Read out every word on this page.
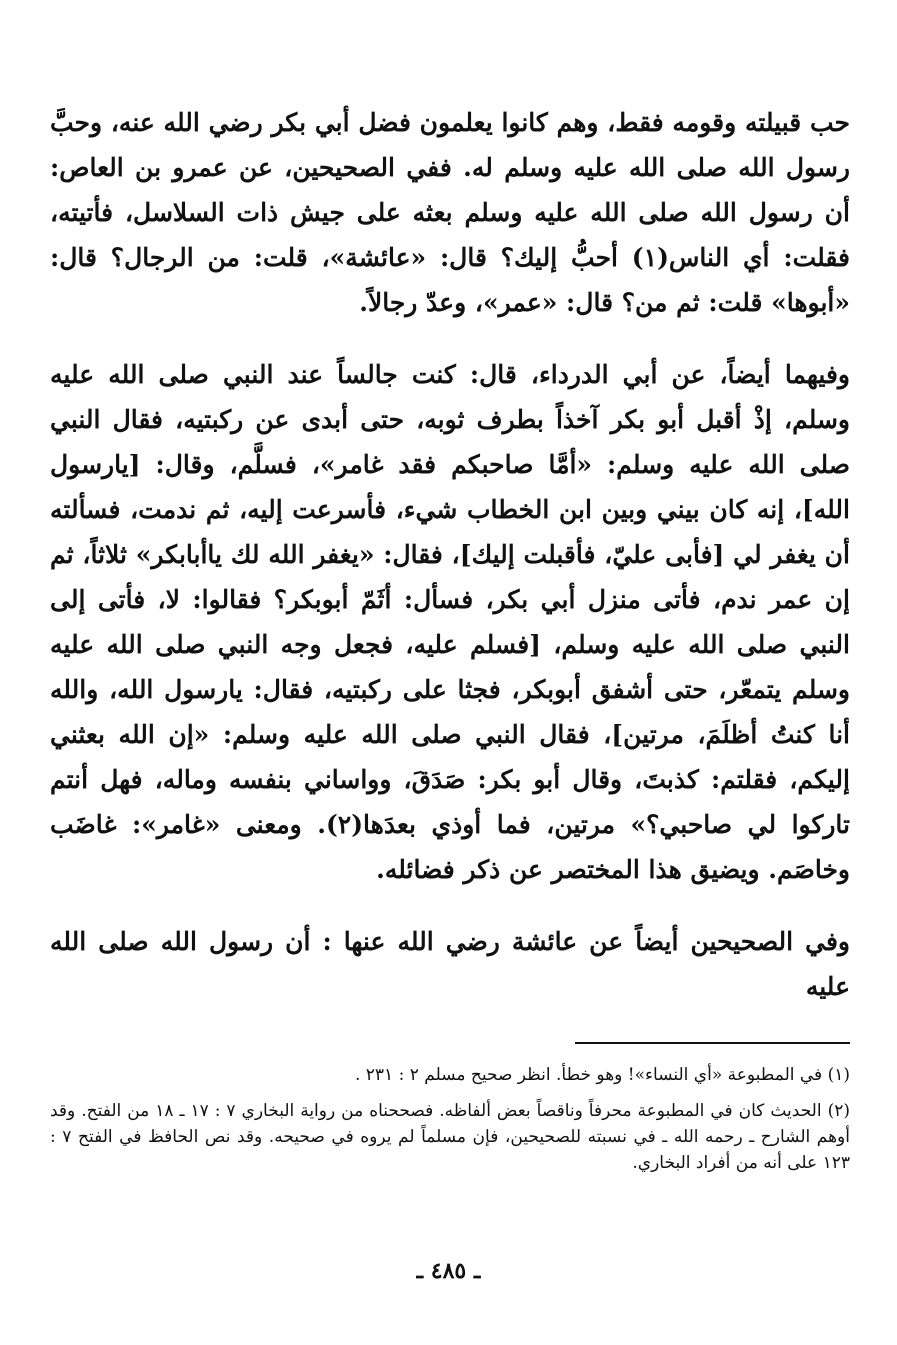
حب قبيلته وقومه فقط، وهم كانوا يعلمون فضل أبي بكر رضي الله عنه، وحبَّ رسول الله صلى الله عليه وسلم له. ففي الصحيحين، عن عمرو بن العاص: أن رسول الله صلى الله عليه وسلم بعثه على جيش ذات السلاسل، فأتيته، فقلت: أي الناس(١) أحبُّ إليك؟ قال: «عائشة»، قلت: من الرجال؟ قال: «أبوها» قلت: ثم من؟ قال: «عمر»، وعدّ رجالاً.

وفيهما أيضاً، عن أبي الدرداء، قال: كنت جالساً عند النبي صلى الله عليه وسلم، إذْ أقبل أبو بكر آخذاً بطرف ثوبه، حتى أبدى عن ركبتيه، فقال النبي صلى الله عليه وسلم: «أمَّا صاحبكم فقد غامر»، فسلَّم، وقال: [يارسول الله]، إنه كان بيني وبين ابن الخطاب شيء، فأسرعت إليه، ثم ندمت، فسألته أن يغفر لي [فأبى عليّ، فأقبلت إليك]، فقال: «يغفر الله لك ياأبابكر» ثلاثاً، ثم إن عمر ندم، فأتى منزل أبي بكر، فسأل: أثَمّ أبوبكر؟ فقالوا: لا، فأتى إلى النبي صلى الله عليه وسلم، [فسلم عليه، فجعل وجه النبي صلى الله عليه وسلم يتمعّر، حتى أشفق أبوبكر، فجثا على ركبتيه، فقال: يارسول الله، والله أنا كنتُ أظلَمَ، مرتين]، فقال النبي صلى الله عليه وسلم: «إن الله بعثني إليكم، فقلتم: كذبتَ، وقال أبو بكر: صَدَقَ، وواساني بنفسه وماله، فهل أنتم تاركوا لي صاحبي؟» مرتين، فما أوذي بعدَها(٢). ومعنى «غامر»: غاضَب وخاصَم. ويضيق هذا المختصر عن ذكر فضائله.

وفي الصحيحين أيضاً عن عائشة رضي الله عنها : أن رسول الله صلى الله عليه

(١) في المطبوعة «أي النساء»! وهو خطأ. انظر صحيح مسلم ٢ : ٢٣١ .

(٢) الحديث كان في المطبوعة محرفاً وناقصاً بعض ألفاظه. فصححناه من رواية البخاري ٧ : ١٧ ـ ١٨ من الفتح. وقد أوهم الشارح ـ رحمه الله ـ في نسبته للصحيحين، فإن مسلماً لم يروه في صحيحه. وقد نص الحافظ في الفتح ٧ : ١٢٣ على أنه من أفراد البخاري.

ـ ٤٨٥ ـ
